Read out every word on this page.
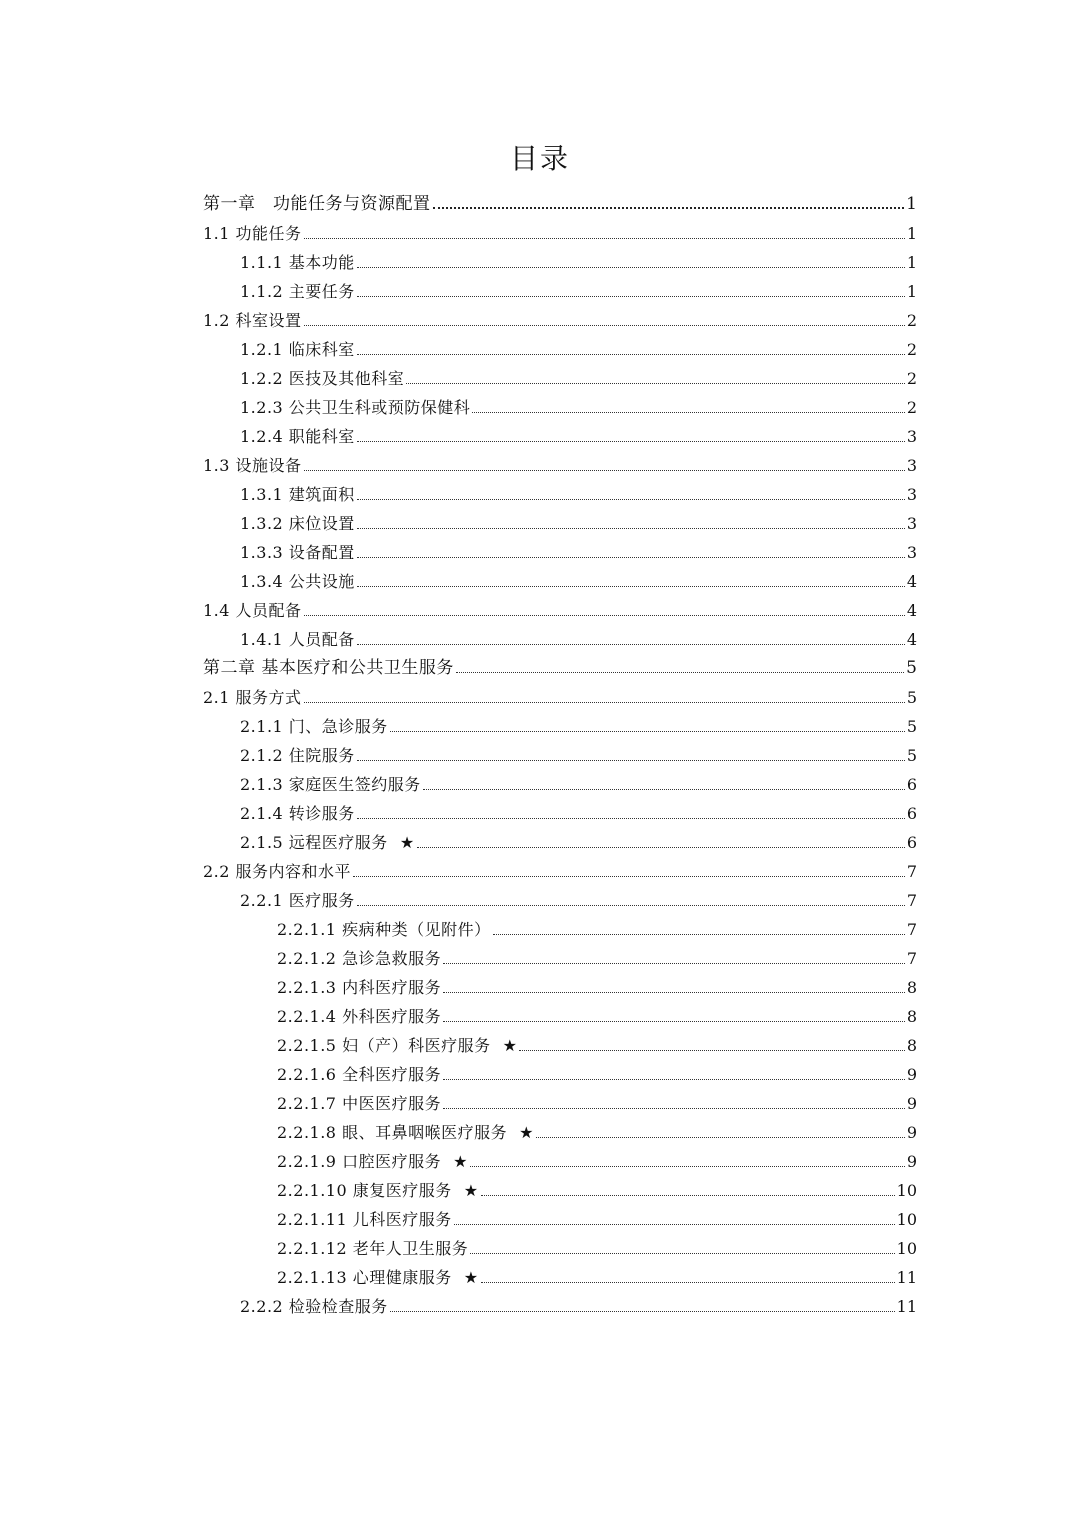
目录
第一章　功能任务与资源配置	1
1.1 功能任务	1
1.1.1 基本功能	1
1.1.2 主要任务	1
1.2 科室设置	2
1.2.1 临床科室	2
1.2.2 医技及其他科室	2
1.2.3 公共卫生科或预防保健科	2
1.2.4 职能科室	3
1.3 设施设备	3
1.3.1 建筑面积	3
1.3.2 床位设置	3
1.3.3 设备配置	3
1.3.4 公共设施	4
1.4 人员配备	4
1.4.1 人员配备	4
第二章 基本医疗和公共卫生服务	5
2.1 服务方式	5
2.1.1 门、急诊服务	5
2.1.2 住院服务	5
2.1.3 家庭医生签约服务	6
2.1.4 转诊服务	6
2.1.5 远程医疗服务 ★	6
2.2 服务内容和水平	7
2.2.1 医疗服务	7
2.2.1.1 疾病种类（见附件）	7
2.2.1.2 急诊急救服务	7
2.2.1.3 内科医疗服务	8
2.2.1.4 外科医疗服务	8
2.2.1.5 妇（产）科医疗服务 ★	8
2.2.1.6 全科医疗服务	9
2.2.1.7 中医医疗服务	9
2.2.1.8 眼、耳鼻咽喉医疗服务 ★	9
2.2.1.9 口腔医疗服务 ★	9
2.2.1.10 康复医疗服务 ★	10
2.2.1.11 儿科医疗服务	10
2.2.1.12 老年人卫生服务	10
2.2.1.13 心理健康服务 ★	11
2.2.2 检验检查服务	11
